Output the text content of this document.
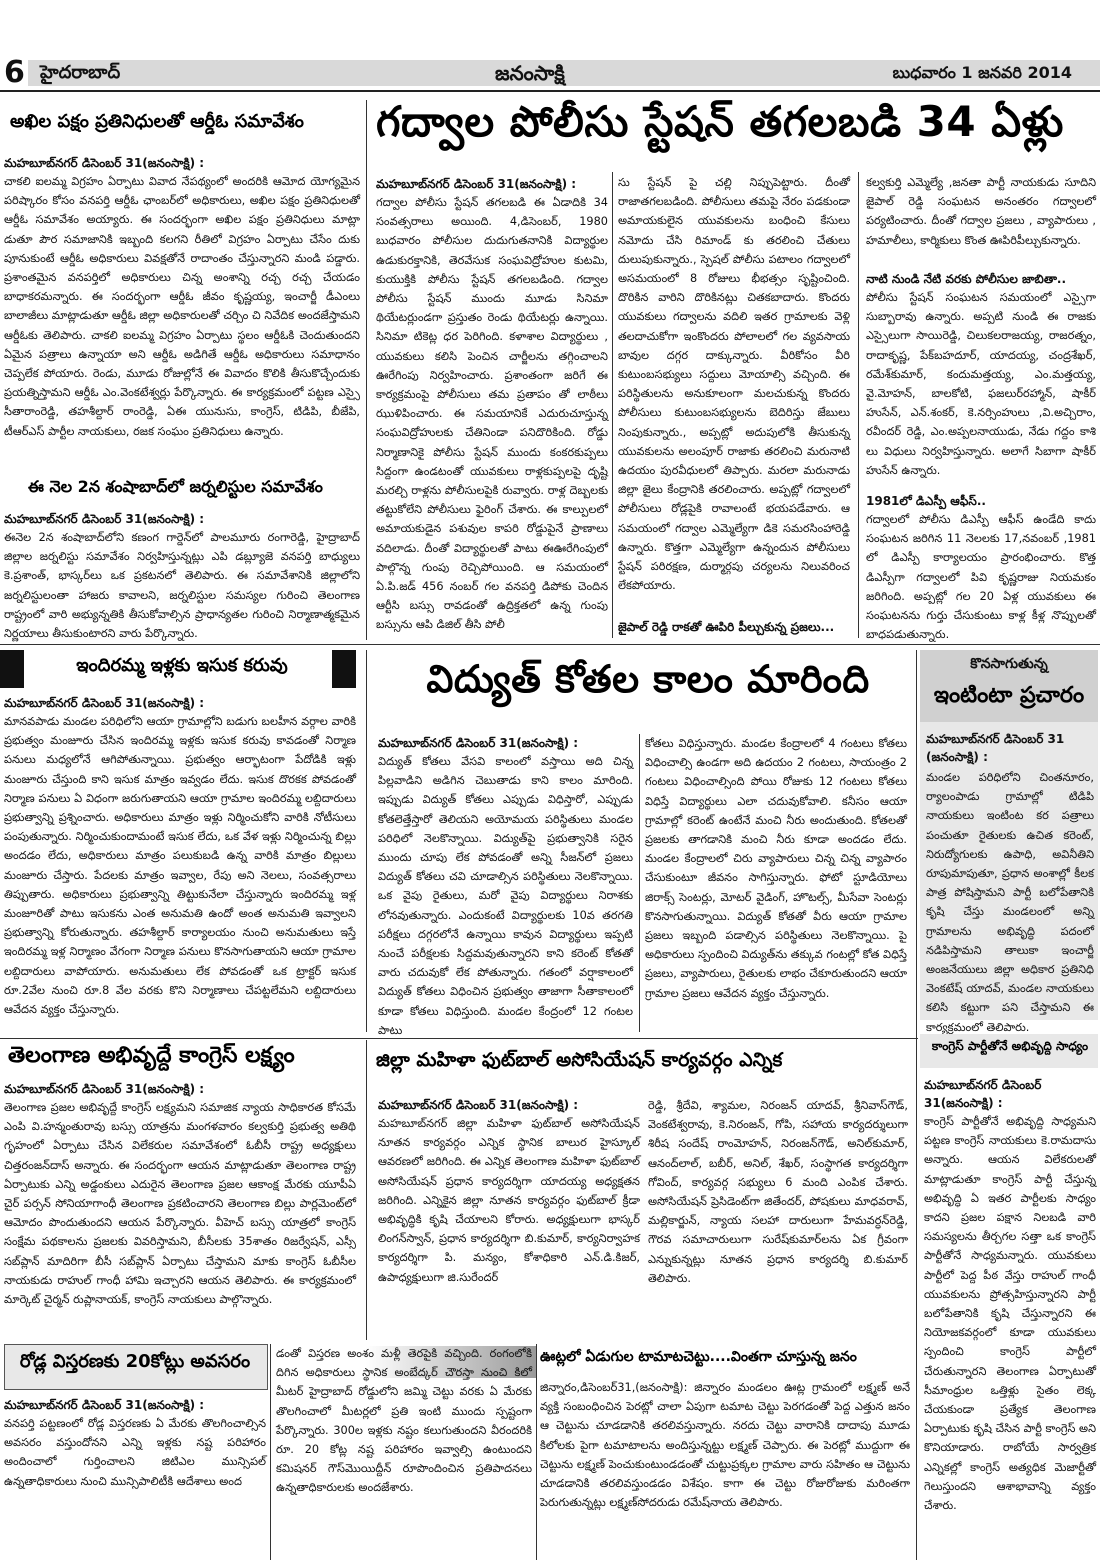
6 హైదరాబాద్	జనంసాక్షి	బుధవారం 1 జనవరి 2014
అఖిల పక్షం ప్రతినిధులతో ఆర్డీఓ సమావేశం
మహబూబ్‌నగర్ డిసెంబర్ 31(జనంసాక్షి) :
చాకలి ఐలమ్మ విగ్రహం ఏర్పాటు వివాద నేపథ్యంలో అందరికి ఆమోద యోగ్యమైన పరిష్కారం కోసం వనపర్తి ఆర్డీఓ ఛాంబర్‌లో అధికారులు, అఖిల పక్షం ప్రతినిధులతో ఆర్డీఓ సమావేశం అయ్యారు. ఈ సందర్భంగా అఖిల పక్షం ప్రతినిధులు మాట్లా డుతూ పౌర సమాజానికి ఇబ్బంది కలగని రీతిలో విగ్రహం ఏర్పాటు చేసేం దుకు పూనుకుంటే ఆర్డీఓ అధికారులు వివక్షతోనే రాదాంతం చేస్తున్నారని మండి పడ్డారు. ప్రశాంతమైన వనపర్తిలో అధికారులు చిన్న అంశాన్ని రచ్చ రచ్చ చేయడం బాధాకరమన్నారు. ఈ సందర్భంగా ఆర్డీఓ జీవం కృష్ణయ్య, ఇంచార్జీ డీఎంలు బాలాజీలు మాట్లాడుతూ ఆర్డీఓ జిల్లా అధికారులతో చర్చిం చి నివేదిక అందజేస్తామని ఆర్డీఓకు తెలిపారు. చాకలి ఐలమ్మ విగ్రహం ఏర్పాటు స్థలం ఆర్డీఓకి చెందుతుందని ఏమైన పత్రాలు ఉన్నాయా అని ఆర్డీఓ అడిగితే ఆర్డీఓ అధికారులు సమాధానం చెప్పలేక పోయారు. రెండు, మూడు రోజుల్లోనే ఈ వివాదం కొలికి తీసుకొచ్చేందుకు ప్రయత్నిస్తామని ఆర్డీఓ ఎం.వెంకటేశ్వర్లు పేర్కొన్నారు. ఈ కార్యక్రమంలో పట్టణ ఎస్సై సీతారాంరెడ్డి, తహశీల్దార్ రాంరెడ్డి, ఏఈ యునుసు, కాంగ్రెస్, టిడిపి, బీజేపి, టీఆర్ఎస్ పార్టీల నాయకులు, రజక సంఘం ప్రతినిధులు ఉన్నారు.
ఈ నెల 2న శంషాబాద్‌లో జర్నలిస్టుల సమావేశం
మహబూబ్‌నగర్ డిసెంబర్ 31(జనంసాక్షి) :
ఈనెల 2న శంషాబాద్‌లోని కణంగ గార్డెన్‌లో పాలమూరు రంగారెడ్డి, హైద్రాబాద్ జిల్లాల జర్నలిస్టు సమావేశం నిర్వహిస్తున్నట్లు ఎపి డబ్ల్యూజె వనపర్తి బాధ్యులు కె.ప్రశాంత్, భాస్కర్‌లు ఒక ప్రకటనలో తెలిపారు. ఈ సమావేశానికి జిల్లాలోని జర్నలిస్టులంతా హాజరు కావాలని, జర్నలిస్టుల సమస్యల గురించి తెలంగాణ రాష్ట్రంలో వారి అభ్యున్నతికి తీసుకోవాల్సిన ప్రాధాన్యతల గురించి నిర్మాణాత్మకమైన నిర్ణయాలు తీసుకుంటారని వారు పేర్కొన్నారు.
గద్వాల పోలీసు స్టేషన్ తగలబడి 34 ఏళ్లు
మహబూబ్‌నగర్ డిసెంబర్ 31(జనంసాక్షి) :
గద్వాల పోలీసు స్టేషన్ తగలబడి ఈ ఏడాదికి 34 సంవత్సరాలు అయింది. 4,డిసెంబర్, 1980 బుధవారం పోలీసుల దుదుగుతనానికి విద్యార్థుల ఉడుకురక్తానికి, తెరవేసుక సంఘవిద్రోహుల కుటమి, కుయుక్తికి పోలీసు స్టేషన్ తగలబడింది. గద్వాల పోలీసు స్టేషన్ ముందు మూడు సినిమా థియేటర్లుండగా ప్రస్తుతం రెండు థియేటర్లు ఉన్నాయి. సినిమా టికెట్ల ధర పెరిగింది. కళాశాల విద్యార్థులు , యువకులు కలిసి పెంచిన చార్జీలను తగ్గించాలని ఊరేగింపు నిర్వహించారు. ప్రశాంతంగా జరిగే ఈ కార్యక్రమంపై పోలీసులు తమ ప్రతాపం తో లాఠీలు ఝుళిపించారు. ఈ సమయానికే ఎదురుచూస్తున్న సంఘవిద్రోహులకు చేతినిండా పనిదొరికింది. రోడ్డు నిర్మాణానికై పోలీసు స్టేషన్ ముందు కంకరకుప్పలు సిద్దంగా ఉండటంతో యువకులు రాళ్లకుప్పలపై దృష్టి మరల్చి రాళ్లను పోలీసులపైకి రువ్వారు. రాళ్ల దెబ్బలకు తట్టుకోలేని పోలీసులు ఫైరింగ్ చేశారు. ఈ కాల్పులలో అమాయకుడైన పశువుల కాపరి రోడ్డుపైనే ప్రాణాలు వదిలాడు. దీంతో విద్యార్థులతో పాటు ఈఊరేగింపులో పాల్గొన్న గుంపు రెచ్చిపోయింది. ఆ సమయంలో ఏ.పి.జడ్ 456 నంబర్ గల వనపర్తి డిపోకు చెందిన ఆర్టీసి బస్సు రావడంతో ఉద్రిక్తతలో ఉన్న గుంపు బస్సును ఆపి డిజిల్ తీసి పోలీ
సు స్టేషన్ పై చల్లి నిప్పుపెట్టారు. దీంతో రాజాతగలబడింది. పోలీసులు తమపై నేరం పడకుండా అమాయకులైన యువకులను బంధించి కేసులు నమోదు చేసి రిమాండ్ కు తరలించి చేతులు దులుపుకున్నారు., స్పెషల్ పోలీసు పటాలం గద్వాలలో అసమయంలో 8 రోజులు భీభత్సం సృష్టించింది. దొరికిన వారిని దొరికినట్లు చితకబాదారు. కొందరు యువకులు గద్వాలను వదిలి ఇతర గ్రామాలకు వెళ్లి తలదాచుకోగా ఇంకొందరు పోలాలలో గల వ్యవసాయ బావుల దగ్గర దాక్కున్నారు. వీరికోసం వీరి కుటుంబసభ్యులు సద్దులు మోయాల్సి వచ్చింది. ఈ పరిస్థితులను అనుకూలంగా మలచుకున్న కొందరు పోలీసులు కుటుంబసభ్యులను బెదిరిస్తు జేబులు నింపుకున్నారు., అప్పట్లో అదుపులోకి తీసుకున్న యువకులను అలంపూర్ రాజాకు తరలించి మరునాటి ఉదయం పురవీధులలో తిప్పారు. మరలా మరునాడు జిల్లా జైలు కేంద్రానికి తరలించారు. అప్పట్లో గద్వాలలో పోలీసులు రోడ్లపైకి రావాలంటే భయపడేవారు. ఆ సమయంలో గద్వాల ఎమ్మెల్యేగా డికె సమరసింహారెడ్డి ఉన్నారు. కొత్తగా ఎమ్మెల్యేగా ఉన్నందున పోలీసులు స్టేషన్ పరిరక్షణ, దుర్మార్గపు చర్యలను నిలువరించ లేకపోయారు.
జైపాల్ రెడ్డి రాకతో ఊపిరి పీల్చుకున్న ప్రజలు...
కల్వకుర్తి ఎమ్మెల్యే ,జనతా పార్టీ నాయకుడు సూదిని జైపాల్ రెడ్డి సంఘటన అనంతరం గద్వాలలో పర్యటించారు. దీంతో గద్వాల ప్రజలు , వ్యాపారులు , హమాలీలు, కార్మికులు కొంత ఊపిరిపీల్చుకున్నారు.
నాటి నుండి నేటి వరకు పోలీసుల జాబితా..
పోలీసు స్టేషన్ సంఘటన సమయంలో ఎస్సైగా సుబ్బారావు ఉన్నారు. అప్పటి నుండి ఈ రాజకు ఎస్సైలుగా సాయిరెడ్డి, చిలుకలరాజయ్య, రాజరత్నం, రాదాకృష్ణ, పేక్‌బహదూర్, యాదయ్య, చంద్రశేఖర్, రమేశ్‌కుమార్, కందుమత్తయ్య, ఎం.మత్తయ్య, వై.మోహన్, బాలకోటి, ఫజలుర్‌రహ్మాన్, షాకీర్ హుసేన్, ఎన్.శంకర్, కె.నర్సింహులు ,వి.అచ్చిరాం, రవీందర్ రెడ్డి, ఎం.అప్పలనాయుడు, నేడు గద్దం కాశి లు విధులు నిర్వహిస్తున్నారు. అలాగే సిబాగా షాకీర్ హుసేన్ ఉన్నారు.
1981లో డిఎస్పీ ఆఫీస్..
గద్వాలలో పోలీసు డిఎస్పీ ఆఫీస్ ఉండేది కాదు సంఘటన జరిగిన 11 నెలలకు 17,నవంబర్ ,1981 లో డిఎస్పీ కార్యాలయం ప్రారంభించారు. కొత్త డిఎస్పీగా గద్వాలలో పివి కృష్ణరాజు నియమకం జరిగింది. అప్పట్లో గల 20 ఏళ్ల యువకులు ఈ సంఘటనను గుర్తు చేసుకుంటు కాళ్ల కీళ్ల నొప్పులతో బాధపడుతున్నారు.
ఇందిరమ్మ ఇళ్లకు ఇసుక కరువు
మహబూబ్‌నగర్ డిసెంబర్ 31(జనంసాక్షి) :
మానవపాడు మండల పరిధిలోని ఆయా గ్రామాల్లోని బడుగు బలహీన వర్గాల వారికి ప్రభుత్వం మంజూరు చేసిన ఇందిరమ్మ ఇళ్లకు ఇసుక కరువు కావడంతో నిర్మాణ పనులు మధ్యలోనే ఆగిపోతున్నాయి. ప్రభుత్వం ఆర్భాటంగా పేదోడికి ఇళ్లు మంజూరు చేస్తుంది కాని ఇసుక మాత్రం ఇవ్వడం లేదు. ఇసుక దొరకక పోవడంతో నిర్మాణ పనులు ఏ విధంగా జరుగుతాయని ఆయా గ్రామాల ఇందిరమ్మ లబ్దిదారులు ప్రభుత్వాన్ని ప్రశ్నించారు. అధికారులు మాత్రం ఇళ్లు నిర్మించుకోని వారికి నోటీసులు పంపుతున్నారు. నిర్మించుకుందామంటే ఇసుక లేదు, ఒక వేళ ఇళ్లు నిర్మించున్న బిల్లు అందడం లేదు, అధికారులు మాత్రం పలుకుబడి ఉన్న వారికి మాత్రం బిల్లులు మంజూరు చేస్తారు. పేదలకు మాత్రం ఇవ్వాల, రేపు అని నెలలు, సంవత్సరాలు తిప్పుతారు. అధికారులు ప్రభుత్వాన్ని తిట్టుకునేలా చేస్తున్నారు ఇందిరమ్మ ఇళ్ల మంజూరితో పాటు ఇసుకను ఎంత అనుమతి ఉందో అంత అనుమతి ఇవ్వాలని ప్రభుత్వాన్ని కోరుతున్నారు. తహశీల్దార్ కార్యాలయం నుంచి అనుమతులు ఇస్తే ఇందిరమ్మ ఇళ్ల నిర్మాణం వేగంగా నిర్మాణ పనులు కొనసాగుతాయని ఆయా గ్రామాల లబ్దిదారులు వాపోయారు. అనుమతులు లేక పోవడంతో ఒక ట్రాక్టర్ ఇసుక రూ.2వేల నుంచి రూ.8 వేల వరకు కొని నిర్మాణాలు చేపట్టలేమని లబ్దిదారులు ఆవేదన వ్యక్తం చేస్తున్నారు.
విద్యుత్ కోతల కాలం మారింది
మహబూబ్‌నగర్ డిసెంబర్ 31(జనంసాక్షి) :
విద్యుత్ కోతలు వేసవి కాలంలో వస్తాయి అది చిన్న పిల్లవాడిని అడిగిన చెబుతాడు కాని కాలం మారింది. ఇప్పుడు విద్యుత్ కోతలు ఎప్పుడు విధిస్తారో, ఎప్పుడు కోతలెత్తేస్తారో తెలియని అయోమయ పరిస్థితులు మండల పరిధిలో నెలకొన్నాయి. విద్యుత్‌పై ప్రభుత్వానికి సరైన ముందు చూపు లేక పోవడంతో అన్ని సీజన్‌లో ప్రజలు విద్యుత్ కోతలు చవి చూడాల్సిన పరిస్థితులు నెలకొన్నాయి. ఒక వైపు రైతులు, మరో వైపు విద్యార్థులు నిరాశకు లోనవుతున్నారు. ఎందుకంటే విద్యార్థులకు 10వ తరగతి పరీక్షలు దగ్గరలోనే ఉన్నాయి కావున విద్యార్థులు ఇప్పటి నుంచే పరీక్షలకు సిద్దమవుతున్నారని కాని కరెంట్ కోతతో వారు చదువుకో లేక పోతున్నారు. గతంలో వర్షాకాలంలో విద్యుత్ కోతలు విధించిన ప్రభుత్వం తాజాగా సీతాకాలంలో కూడా కోతలు విధిస్తుంది. మండల కేంద్రంలో 12 గంటల పాటు
కోతలు విధిస్తున్నారు. మండల కేంద్రాలలో 4 గంటలు కోతలు విధించాల్సి ఉండగా అది ఉదయం 2 గంటలు, సాయంత్రం 2 గంటలు విధించాల్సింది పోయి రోజుకు 12 గంటలు కోతలు విధిస్తే విద్యార్థులు ఎలా చదువుకోవాలి. కనీసం ఆయా గ్రామాల్లో కరెంట్ ఉంటేనే మంచి నీరు అందుతుంది. కోతలతో ప్రజలకు తాగడానికి మంచి నీరు కూడా అందడం లేదు. మండల కేంద్రాలలో చిరు వ్యాపారులు చిన్న చిన్న వ్యాపారం చేసుకుంటూ జీవనం సాగిస్తున్నారు. ఫోటో స్టూడియోలు జిరాక్స్ సెంటర్లు, మోటర్ వైడింగ్, హొటల్స్, మీసేవా సెంటర్లు కొనసాగుతున్నాయి. విద్యుత్ కోతతో వీరు ఆయా గ్రామాల ప్రజలు ఇబ్బంది పడాల్సిన పరిస్థితులు నెలకొన్నాయి. పై అధికారులు స్పందించి విద్యుత్‌ను తక్కువ గంటల్లో కోత విధిస్తే ప్రజలు, వ్యాపారులు, రైతులకు లాభం చేకూరుతుందని ఆయా గ్రామాల ప్రజలు ఆవేదన వ్యక్తం చేస్తున్నారు.
కొనసాగుతున్న
ఇంటింటా ప్రచారం
మహబూబ్‌నగర్ డిసెంబర్ 31 (జనంసాక్షి) :
మండల పరిధిలోని చింతనూరం, ర్యాలంపాడు గ్రామాల్లో టిడిపి నాయకులు ఇంటింట కర పత్రాలు పంచుతూ రైతులకు ఉచిత కరెంట్, నిరుద్యోగులకు ఉపాధి, అవినీతిని రూపుమాపుతూ, ప్రధాన అంశాల్లో కీలక పాత్ర పోషిస్తామని పార్టీ బలోపేతానికి కృషి చేస్తు మండలంలో అన్ని గ్రామాలను అభివృద్ధి పదంలో నడిపిస్తామని తాలుకా ఇంచార్జీ అంజనేయులు జిల్లా అధికార ప్రతినిధి వెంకటేష్ యాదవ్, మండల నాయకులు కలిసి కట్టుగా పని చేస్తామని ఈ కార్యక్రమంలో తెలిపారు.
తెలంగాణ అభివృద్దే కాంగ్రెస్ లక్ష్యం
మహబూబ్‌నగర్ డిసెంబర్ 31(జనంసాక్షి) :
తెలంగాణ ప్రజల అభివృద్దే కాంగ్రెస్ లక్ష్యమని సమాజిక న్యాయ సాధికారత కోసమే ఎంపి వి.హన్మంతురావు బస్సు యాత్రను మంగళవారం కల్వకుర్తి ప్రభుత్వ అతిథి గృహంలో ఏర్పాటు చేసిన విలేకరుల సమావేశంలో ఓబీసీ రాష్ట్ర అధ్యక్షులు చిత్తరంజన్‌దాస్ అన్నారు. ఈ సందర్భంగా ఆయన మాట్లాడుతూ తెలంగాణ రాష్ట్ర ఏర్పాటుకు ఎన్ని అడ్డంకులు ఎదురైన తెలంగాణ ప్రజల ఆకాంక్ష మేరకు యూపీఏ చైర్ పర్సన్ సోనియాగాంధీ తెలంగాణ ప్రకటించారని తెలంగాణ బిల్లు పార్లమెంట్‌లో ఆమోదం పొందుతుందని ఆయన పేర్కొన్నారు. వీహెచ్ బస్సు యాత్రలో కాంగ్రెస్ సంక్షేమ పథకాలను ప్రజలకు వివరిస్తామని, బీసీలకు 35శాతం రిజర్వేషన్, ఎస్సీ సబ్‌ప్లాన్ మాదిరిగా బీసీ సబ్‌ప్లాన్ ఏర్పాటు చేస్తామని మాకు కాంగ్రెస్ ఓబీసీల నాయకుడు రాహుల్ గాంధీ హామి ఇచ్చారని ఆయన తెలిపారు. ఈ కార్యక్రమంలో మార్కెట్ చైర్మన్ రుప్లానాయక్, కాంగ్రెస్ నాయకులు పాల్గొన్నారు.
జిల్లా మహిళా ఫుట్‌బాల్ అసోసియేషన్ కార్యవర్గం ఎన్నిక
మహబూబ్‌నగర్ డిసెంబర్ 31(జనంసాక్షి) :
మహబూబ్‌నగర్ జిల్లా మహిళా ఫుట్‌బాల్ అసోసియేషన్ నూతన కార్యవర్గం ఎన్నిక స్థానిక బాలుర హైస్కూల్ ఆవరణలో జరిగింది. ఈ ఎన్నిక తెలంగాణ మహిళా ఫుట్‌బాల్ అసోసియేషన్ ప్రధాన కార్యదర్శిగా యాదయ్య అధ్యక్షతన జరిగింది. ఎన్నికైన జిల్లా నూతన కార్యవర్గం ఫుట్‌బాల్ క్రీడా అభివృద్ధికి కృషి చేయాలని కోరారు. అధ్యక్షులుగా భాస్కర్ లింగన్‌స్వాన్, ప్రధాన కార్యదర్శిగా బి.కుమార్, కార్యనిర్వాహక కార్యదర్శిగా పి. మన్యం, కోశాధికారి ఎన్.డి.కిజర్, ఉపాధ్యక్షులుగా జి.సురేందర్
రెడ్డి, శ్రీదేవి, శ్యామల, నిరంజన్ యాదవ్, శ్రీనివాస్‌గౌడ్, వెంకటేశ్వరావు, కె.నిరంజన్, గోపి, సహాయ కార్యదర్శులుగా శిరీష సందేష్ రాంమోహన్, నిరంజన్‌గౌడ్, అనిల్‌కుమార్, ఆనంద్‌లాల్, బబీర్, అనిల్, శేఖర్, సంస్థాగత కార్యదర్శిగా గోవింద్, కార్యవర్గ సభ్యులు 6 మంది ఎంపిక చేశారు. అసోసియేషన్ ప్రెసిడెంట్‌గా జితేందర్, పోషకులు మాధవరావ్, మల్లికార్జున్, న్యాయ సలహా దారులుగా హేమవర్ధన్‌రెడ్డి, గౌరవ సమాచారులుగా సురేష్‌కుమార్‌లను ఏక గ్రీవంగా ఎన్నుకున్నట్లు నూతన ప్రధాన కార్యదర్శి బి.కుమార్ తెలిపారు.
కాంగ్రెస్ పార్టీతోనే అభివృద్ది సాధ్యం
మహబూబ్‌నగర్ డిసెంబర్ 31(జనంసాక్షి) :
కాంగ్రెస్ పార్టీతోనే అభివృద్ది సాధ్యమని పట్టణ కాంగ్రెస్ నాయకులు కె.రామదాసు అన్నారు. ఆయన విలేకరులతో మాట్లాడుతూ కాంగ్రెస్ పార్టీ చేస్తున్న అభివృద్ధి ఏ ఇతర పార్టీలకు సాధ్యం కాదని ప్రజల పక్షాన నిలబడి వారి సమస్యలను తీర్చగల సత్తా ఒక కాంగ్రెస్ పార్టీతోనే సాధ్యమన్నారు. యువకులు పార్టీలో పెద్ద పీఠ వేస్తు రాహుల్ గాంధీ యువకులను ప్రోత్సహిస్తున్నారని పార్టీ బలోపేతానికి కృషి చేస్తున్నారని ఈ నియోజకవర్గంలో కూడా యువకులు స్పందించి కాంగ్రెస్ పార్టీలో చేరుతున్నారని తెలంగాణ ఏర్పాటుతో సీమాంధ్రుల ఒత్తిళ్లు సైతం లెక్క చేయకుండా ప్రత్యేక తెలంగాణ ఏర్పాటుకు కృషి చేసిన పార్టీ కాంగ్రెస్ అని కొనియాడారు. రాబోయే సార్వత్రిక ఎన్నికల్లో కాంగ్రెస్ అత్యధిక మెజార్టీతో గెలుస్తుందని ఆశాభావాన్ని వ్యక్తం చేశారు.
ఊట్లలో ఏడుగుల టామాటచెట్టు....వింతగా చూస్తున్న జనం
జిన్నారం,డిసెంబర్31,(జనంసాక్షి): జిన్నారం మండలం ఊట్ల గ్రామంలో లక్ష్మణ్ అనే వ్యక్తి సంబంధించిన పెరట్లో చాలా ఏపుగా టమాట చెట్టు పెరగడంతో పెద్ద ఎత్తున జనం ఆ చెట్టును చూడడానికి తరలివస్తున్నారు. నరదు చెట్టు వారానికి దాదాపు మూడు కిలోలకు పైగా టమాటాలను అందిస్తున్నట్టు లక్ష్మణ్ చెప్పారు. ఈ పెరట్లో ముద్దుగా ఈ చెట్టును లక్ష్మణ్ పెంచుకుంటుండడంతో చుట్టుప్రక్కల గ్రామాల వారు సహితం ఆ చెట్టును చూడడానికి తరలివస్తుండడం విశేషం. కాగా ఈ చెట్టు రోజురోజుకు మరింతగా పెరుగుతున్నట్లు లక్ష్మణ్‌సోదరుడు రమేష్‌నాయ తెలిపారు.
రోడ్ల విస్తరణకు 20కోట్లు అవసరం
మహబూబ్‌నగర్ డిసెంబర్ 31(జనంసాక్షి) :
వనపర్తి పట్టణంలో రోడ్ల విస్తరణకు ఏ మేరకు తొలగించాల్సిన అవసరం వస్తుందోనని ఎన్ని ఇళ్లకు నష్ట పరిహారం అందించాలో గుర్తించాలని జిటిఎల మున్సిపల్ ఉన్నతాధికారులు నుంచి మున్సిపాలిటీకి ఆదేశాలు అంద
డంతో విస్తరణ అంశం మళ్లీ తెరపైకి వచ్చింది. రంగంలోకి దిగిన అధికారులు స్థానిక అంబేద్కర్ చౌరస్తా నుంచి కిలో మీటర్ హైద్రాబాద్ రోడ్డులోని జమ్మి చెట్టు వరకు ఏ మేరకు తొలగించాలో మీటర్లలో ప్రతి ఇంటి ముందు స్పష్టంగా పేర్కొన్నారు. 300ల ఇళ్లకు నష్టం కలుగుతుందని వీరందరికి రూ. 20 కోట్ల నష్ట పరిహారం ఇవ్వాల్సి ఉంటుందని కమిషనర్ గౌస్‌మొయిద్దీన్ రూపొందించిన ప్రతిపాదనలు ఉన్నతాధికారులకు అందజేశారు.
